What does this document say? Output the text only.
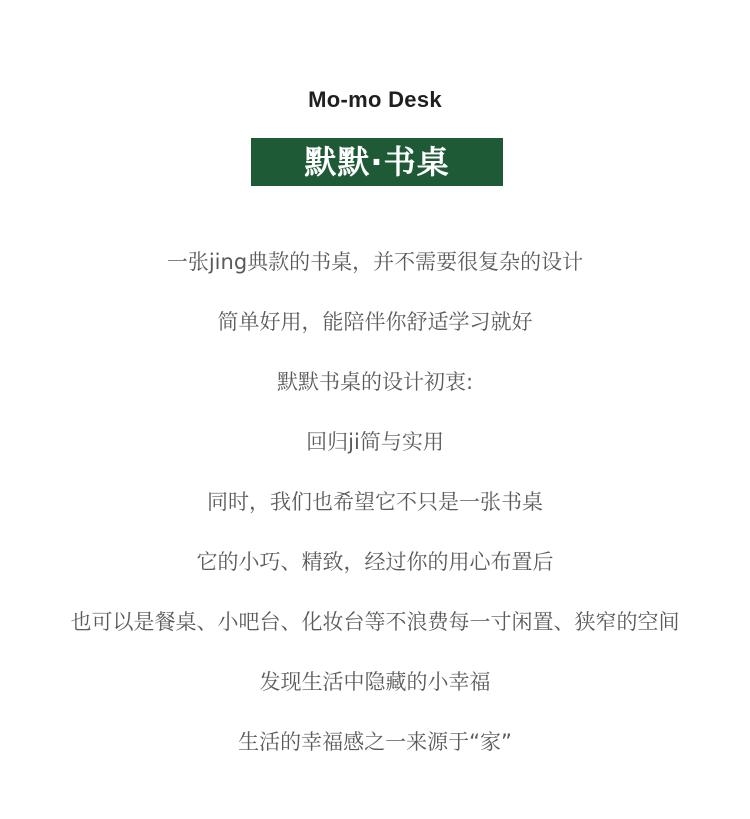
Mo-mo Desk
默默·书桌
一张jing典款的书桌，并不需要很复杂的设计
简单好用，能陪伴你舒适学习就好
默默书桌的设计初衷:
回归ji简与实用
同时，我们也希望它不只是一张书桌
它的小巧、精致，经过你的用心布置后
也可以是餐桌、小吧台、化妆台等不浪费每一寸闲置、狭窄的空间
发现生活中隐藏的小幸福
生活的幸福感之一来源于“家”
